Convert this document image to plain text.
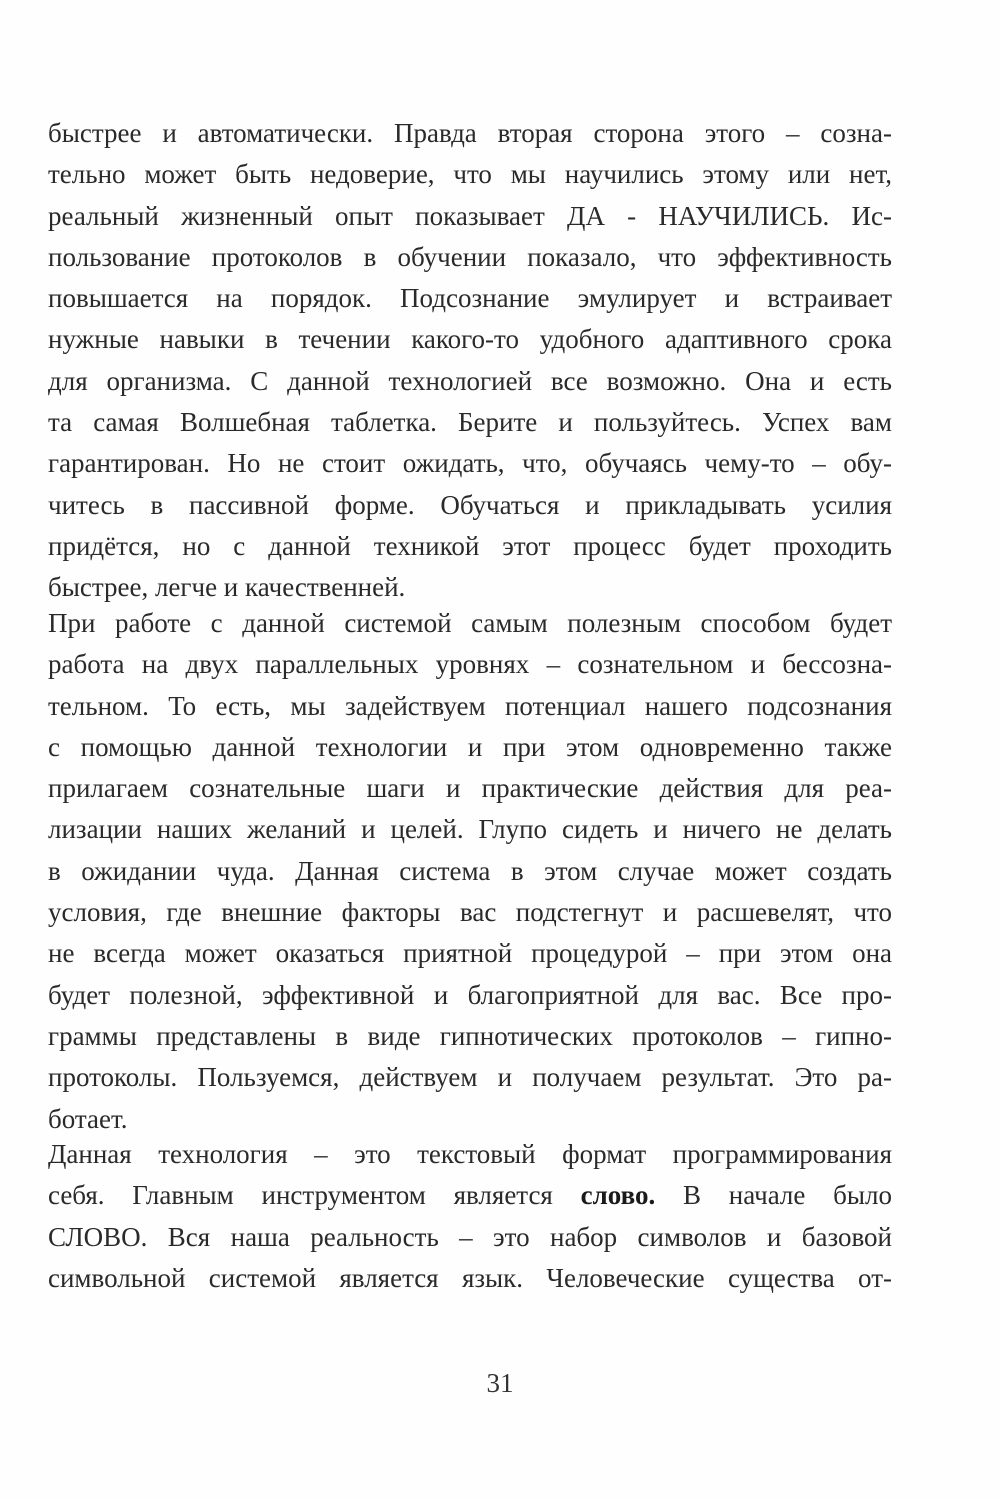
быстрее и автоматически. Правда вторая сторона этого – созна-
тельно может быть недоверие, что мы научились этому или нет,
реальный жизненный опыт показывает ДА - НАУЧИЛИСЬ. Ис-
пользование протоколов в обучении показало, что эффективность
повышается на порядок. Подсознание эмулирует и встраивает
нужные навыки в течении какого-то удобного адаптивного срока
для организма. С данной технологией все возможно. Она и есть
та самая Волшебная таблетка. Берите и пользуйтесь. Успех вам
гарантирован. Но не стоит ожидать, что, обучаясь чему-то – обу-
читесь в пассивной форме. Обучаться и прикладывать усилия
придётся, но с данной техникой этот процесс будет проходить
быстрее, легче и качественней.
При работе с данной системой самым полезным способом будет
работа на двух параллельных уровнях – сознательном и бессозна-
тельном. То есть, мы задействуем потенциал нашего подсознания
с помощью данной технологии и при этом одновременно также
прилагаем сознательные шаги и практические действия для реа-
лизации наших желаний и целей. Глупо сидеть и ничего не делать
в ожидании чуда. Данная система в этом случае может создать
условия, где внешние факторы вас подстегнут и расшевелят, что
не всегда может оказаться приятной процедурой – при этом она
будет полезной, эффективной и благоприятной для вас. Все про-
граммы представлены в виде гипнотических протоколов – гипно-
протоколы. Пользуемся, действуем и получаем результат. Это ра-
ботает.
Данная технология – это текстовый формат программирования
себя. Главным инструментом является слово. В начале было
СЛОВО. Вся наша реальность – это набор символов и базовой
символьной системой является язык. Человеческие существа от-
31
